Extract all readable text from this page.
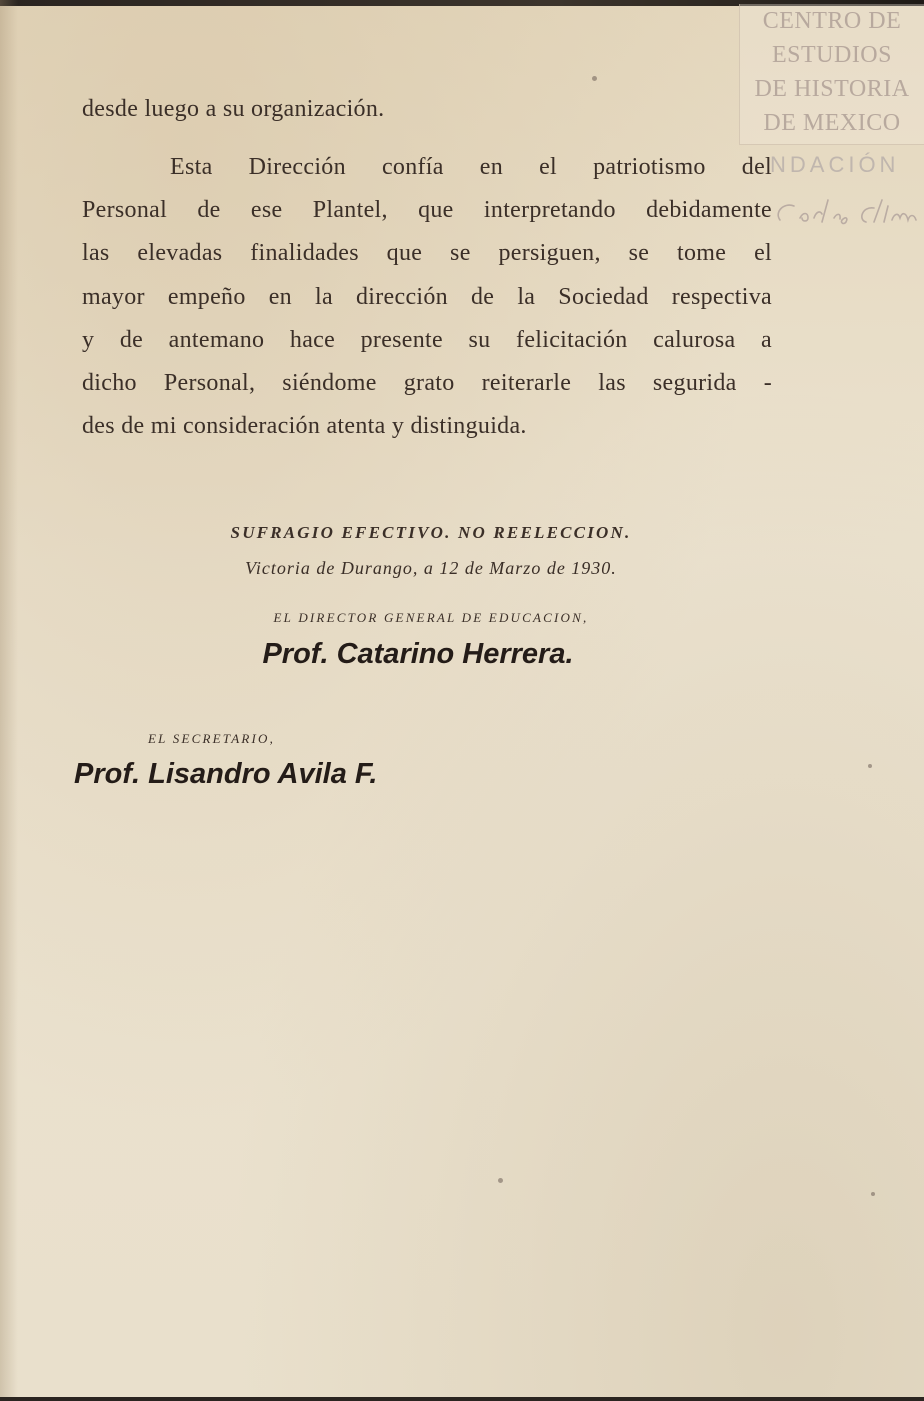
CENTRO DE
ESTUDIOS
DE HISTORIA
DE MEXICO
NDACIÓN
desde luego a su organización.
Esta Dirección confía en el patriotismo del
Personal de ese Plantel, que interpretando debidamente
las elevadas finalidades que se persiguen, se tome el
mayor empeño en la dirección de la Sociedad respectiva
y de antemano hace presente su felicitación calurosa a
dicho Personal, siéndome grato reiterarle las segurida -
des de mi consideración atenta y distinguida.
SUFRAGIO EFECTIVO. NO REELECCION.
Victoria de Durango, a 12 de Marzo de 1930.
EL DIRECTOR GENERAL DE EDUCACION,
Prof. Catarino Herrera.
EL SECRETARIO,
Prof. Lisandro Avila F.
